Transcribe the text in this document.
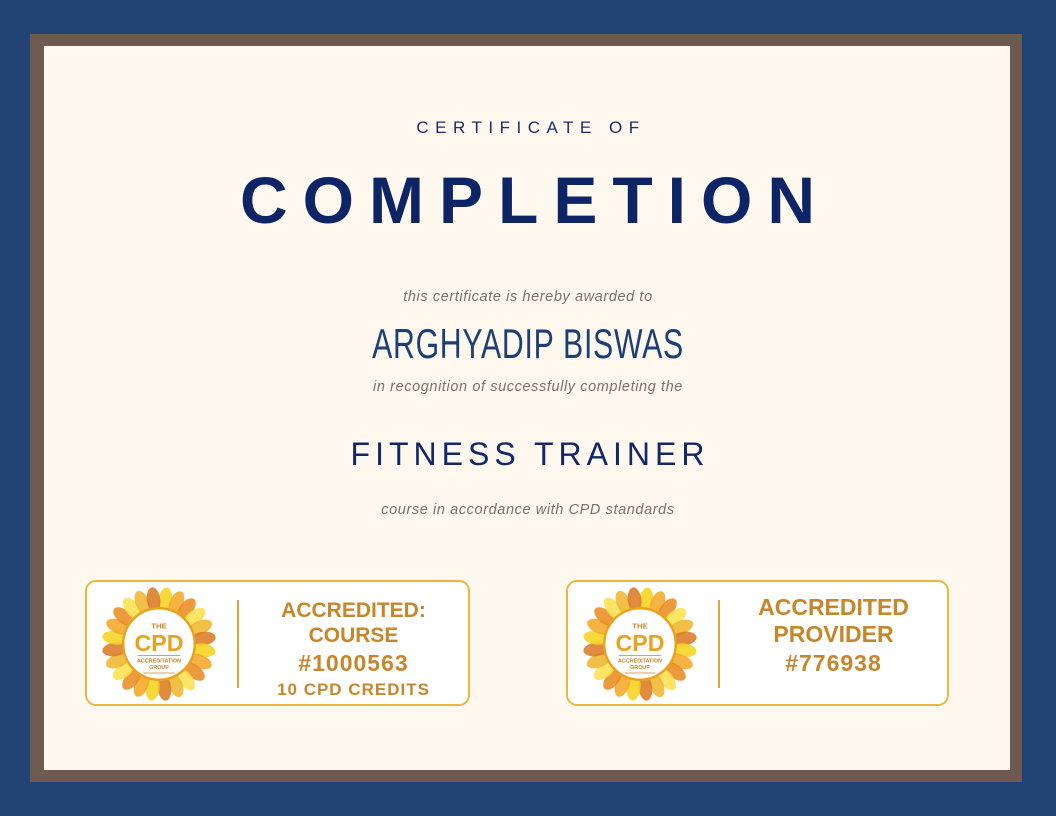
CERTIFICATE OF
COMPLETION
this certificate is hereby awarded to
ARGHYADIP BISWAS
in recognition of successfully completing the
FITNESS TRAINER
course in accordance with CPD standards
THE
CPD
ACCREDITATION
GROUP
ACCREDITED:
COURSE
#1000563
10 CPD CREDITS
THE
CPD
ACCREDITATION
GROUP
ACCREDITED
PROVIDER
#776938
